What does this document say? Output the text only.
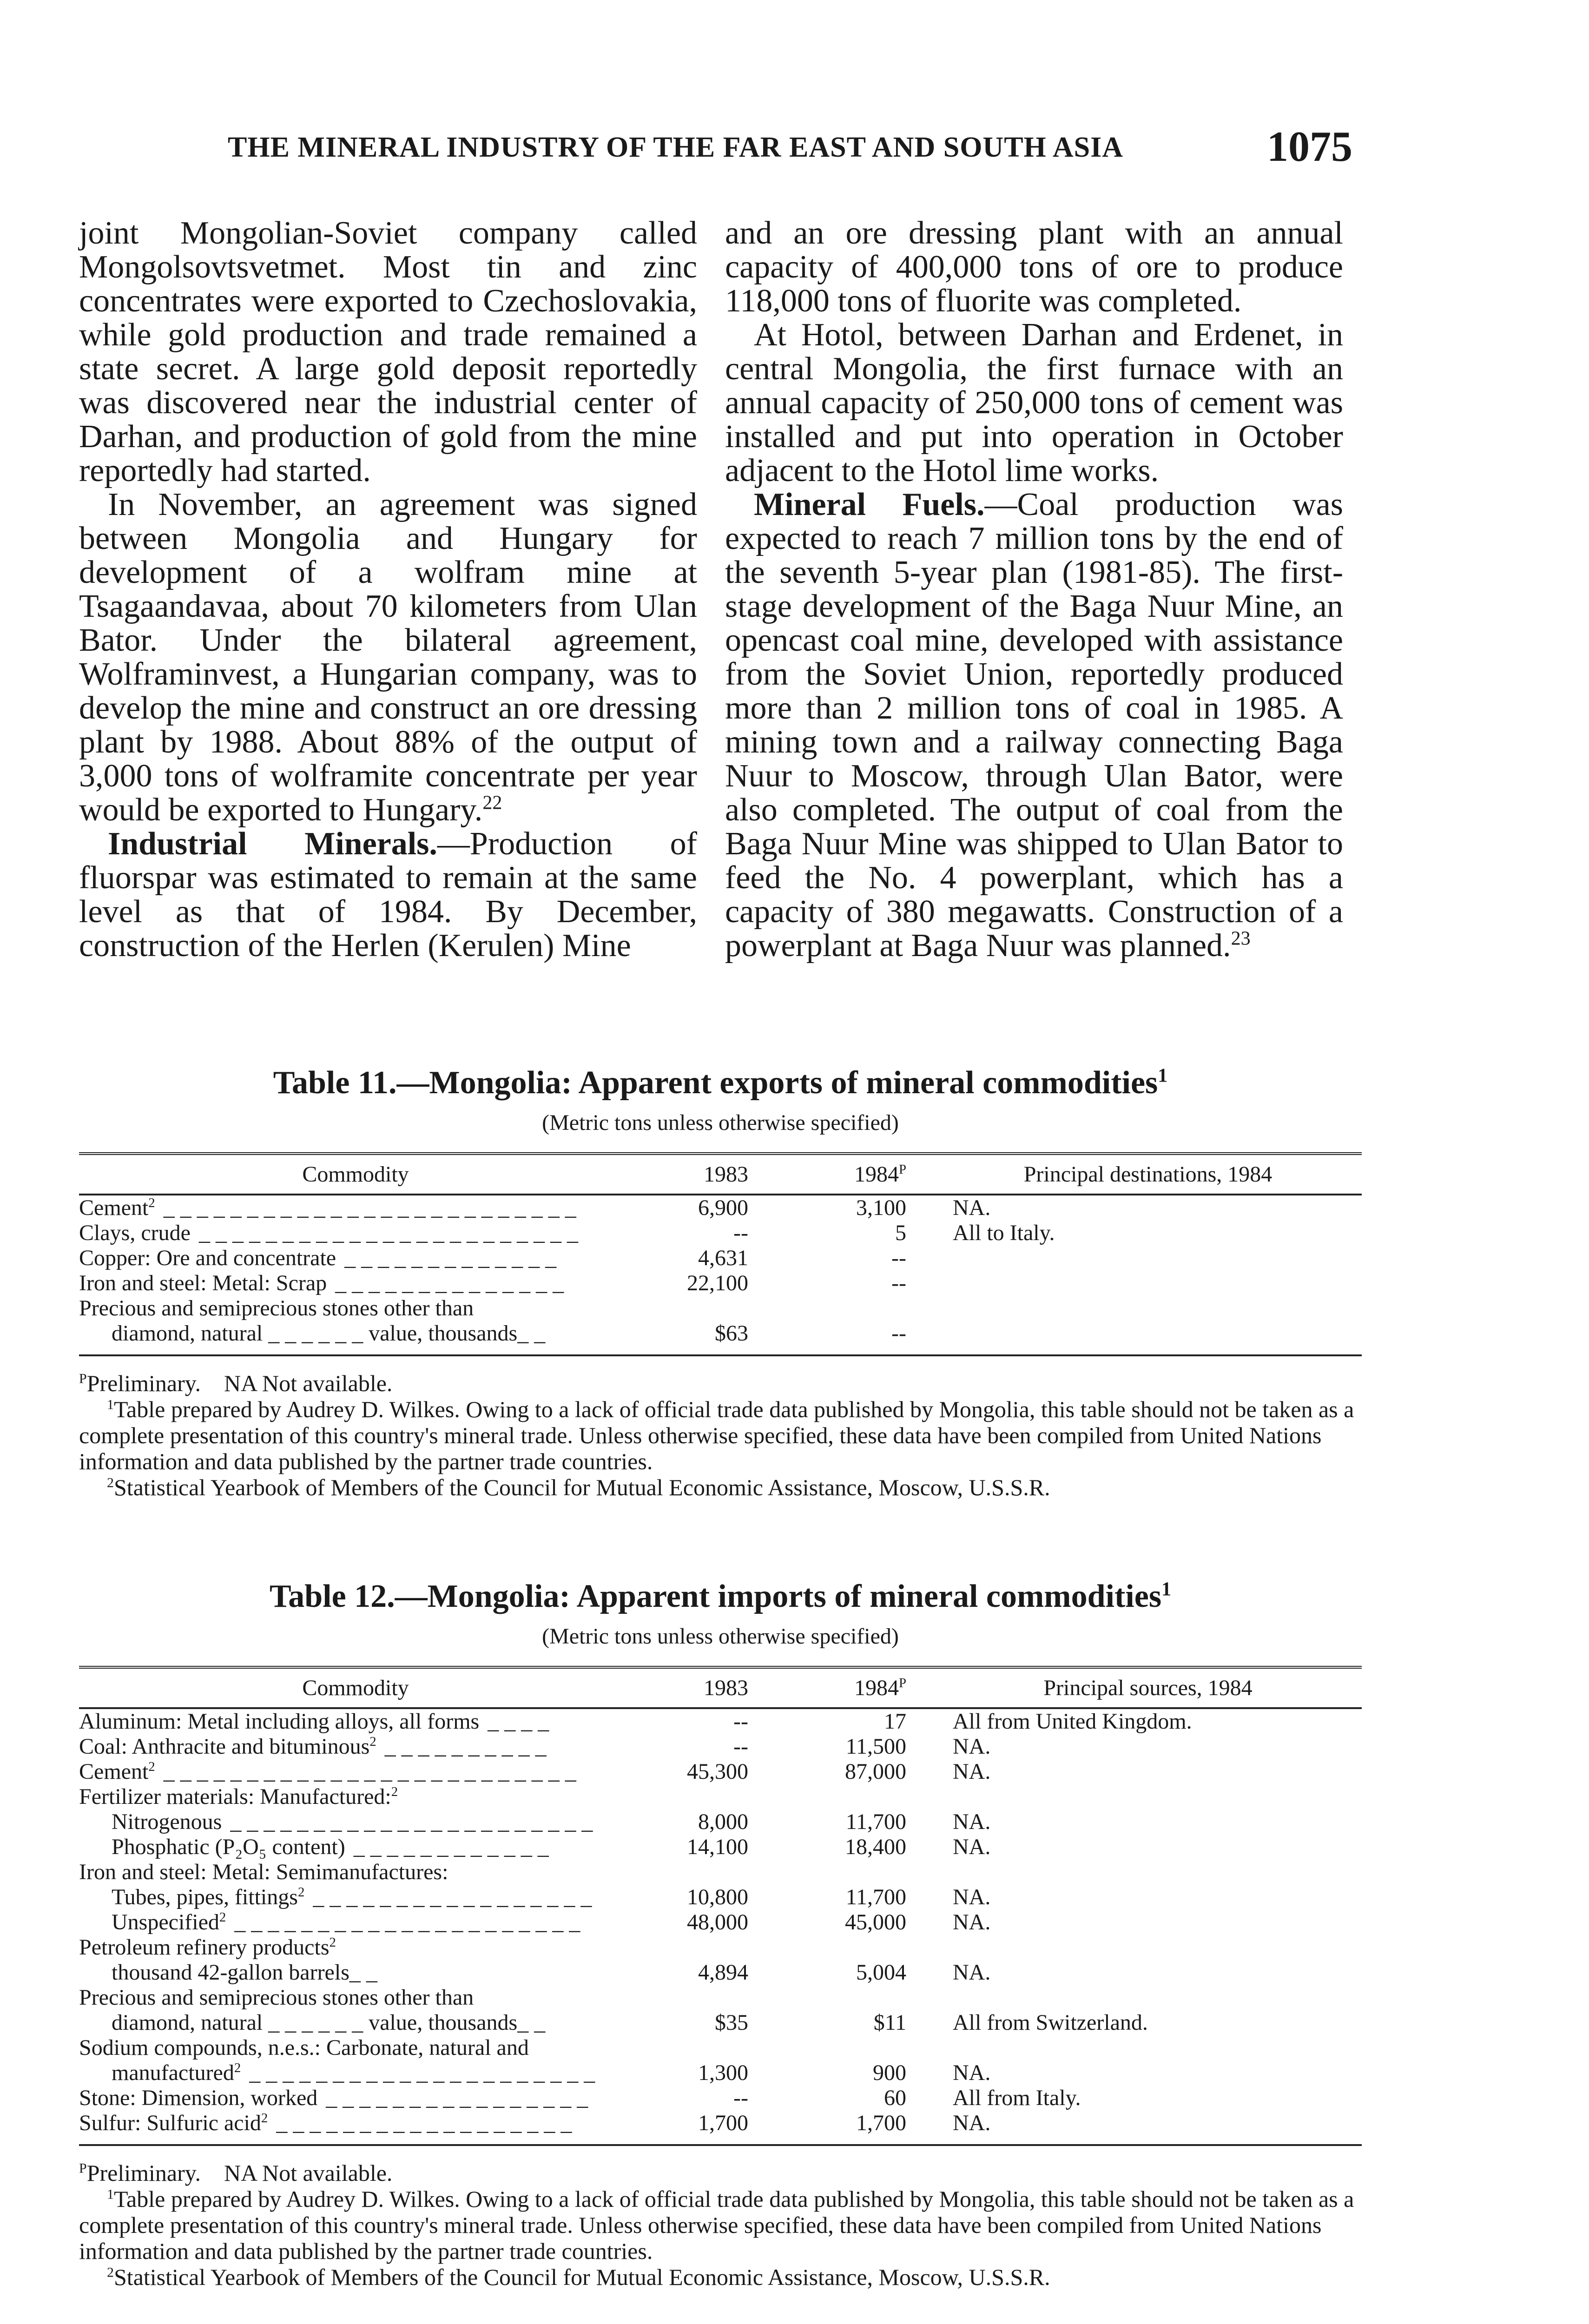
THE MINERAL INDUSTRY OF THE FAR EAST AND SOUTH ASIA	1075

joint Mongolian-Soviet company called Mongolsovtsvetmet. Most tin and zinc concentrates were exported to Czechoslovakia, while gold production and trade remained a state secret. A large gold deposit reportedly was discovered near the industrial center of Darhan, and production of gold from the mine reportedly had started.

In November, an agreement was signed between Mongolia and Hungary for development of a wolfram mine at Tsagaandavaa, about 70 kilometers from Ulan Bator. Under the bilateral agreement, Wolframinvest, a Hungarian company, was to develop the mine and construct an ore dressing plant by 1988. About 88% of the output of 3,000 tons of wolframite concentrate per year would be exported to Hungary.$^{22}$

Industrial Minerals.—Production of fluorspar was estimated to remain at the same level as that of 1984. By December, construction of the Herlen (Kerulen) Mine

and an ore dressing plant with an annual capacity of 400,000 tons of ore to produce 118,000 tons of fluorite was completed.

At Hotol, between Darhan and Erdenet, in central Mongolia, the first furnace with an annual capacity of 250,000 tons of cement was installed and put into operation in October adjacent to the Hotol lime works.

Mineral Fuels.—Coal production was expected to reach 7 million tons by the end of the seventh 5-year plan (1981-85). The first-stage development of the Baga Nuur Mine, an opencast coal mine, developed with assistance from the Soviet Union, reportedly produced more than 2 million tons of coal in 1985. A mining town and a railway connecting Baga Nuur to Moscow, through Ulan Bator, were also completed. The output of coal from the Baga Nuur Mine was shipped to Ulan Bator to feed the No. 4 powerplant, which has a capacity of 380 megawatts. Construction of a powerplant at Baga Nuur was planned.$^{23}$

Table 11.—Mongolia: Apparent exports of mineral commodities$^1$
(Metric tons unless otherwise specified)
Commodity	1983	$1984^P$	Principal destinations, 1984

Cement$^2$ _ _ _ _ _ _ _ _ _ _ _ _ _ _ _ _ _ _ _ _ _ _ _ _ _	6,900	3,100	NA.

Clays, crude _ _ _ _ _ _ _ _ _ _ _ _ _ _ _ _ _ _ _ _ _ _ _	--	5	All to Italy.

Copper: Ore and concentrate _ _ _ _ _ _ _ _ _ _ _ _ _	4,631	--	

Iron and steel: Metal: Scrap _ _ _ _ _ _ _ _ _ _ _ _ _ _	22,100	--	

Precious and semiprecious stones other than			

diamond, natural _ _ _ _ _ _ value, thousands_ _	$63	--	

$^P$Preliminary. NA Not available.

$^1$Table prepared by Audrey D. Wilkes. Owing to a lack of official trade data published by Mongolia, this table should not be taken as a complete presentation of this country's mineral trade. Unless otherwise specified, these data have been compiled from United Nations information and data published by the partner trade countries.

$^2$Statistical Yearbook of Members of the Council for Mutual Economic Assistance, Moscow, U.S.S.R.

Table 12.—Mongolia: Apparent imports of mineral commodities$^1$
(Metric tons unless otherwise specified)
Commodity	1983	$1984^P$	Principal sources, 1984

Aluminum: Metal including alloys, all forms _ _ _ _	--	17	All from United Kingdom.

Coal: Anthracite and bituminous$^2$ _ _ _ _ _ _ _ _ _ _	--	11,500	NA.

Cement$^2$ _ _ _ _ _ _ _ _ _ _ _ _ _ _ _ _ _ _ _ _ _ _ _ _ _	45,300	87,000	NA.

Fertilizer materials: Manufactured:$^2$

Nitrogenous _ _ _ _ _ _ _ _ _ _ _ _ _ _ _ _ _ _ _ _ _ _	8,000	11,700	NA.

Phosphatic (P₂O₅ content) _ _ _ _ _ _ _ _ _ _ _ _	14,100	18,400	NA.

Iron and steel: Metal: Semimanufactures:			

Tubes, pipes, fittings$^2$ _ _ _ _ _ _ _ _ _ _ _ _ _ _ _ _ _	10,800	11,700	NA.

Unspecified$^2$ _ _ _ _ _ _ _ _ _ _ _ _ _ _ _ _ _ _ _ _ _	48,000	45,000	NA.

Petroleum refinery products$^2$

thousand 42-gallon barrels_ _	4,894	5,004	NA.

Precious and semiprecious stones other than			

diamond, natural _ _ _ _ _ _ value, thousands_ _	$35	$11	All from Switzerland.

Sodium compounds, n.e.s.: Carbonate, natural and			

manufactured$^2$ _ _ _ _ _ _ _ _ _ _ _ _ _ _ _ _ _ _ _ _ _	1,300	900	NA.

Stone: Dimension, worked _ _ _ _ _ _ _ _ _ _ _ _ _ _ _ _	--	60	All from Italy.

Sulfur: Sulfuric acid$^2$ _ _ _ _ _ _ _ _ _ _ _ _ _ _ _ _ _ _	1,700	1,700	NA.

$^P$Preliminary. NA Not available.

$^1$Table prepared by Audrey D. Wilkes. Owing to a lack of official trade data published by Mongolia, this table should not be taken as a complete presentation of this country's mineral trade. Unless otherwise specified, these data have been compiled from United Nations information and data published by the partner trade countries.

$^2$Statistical Yearbook of Members of the Council for Mutual Economic Assistance, Moscow, U.S.S.R.
